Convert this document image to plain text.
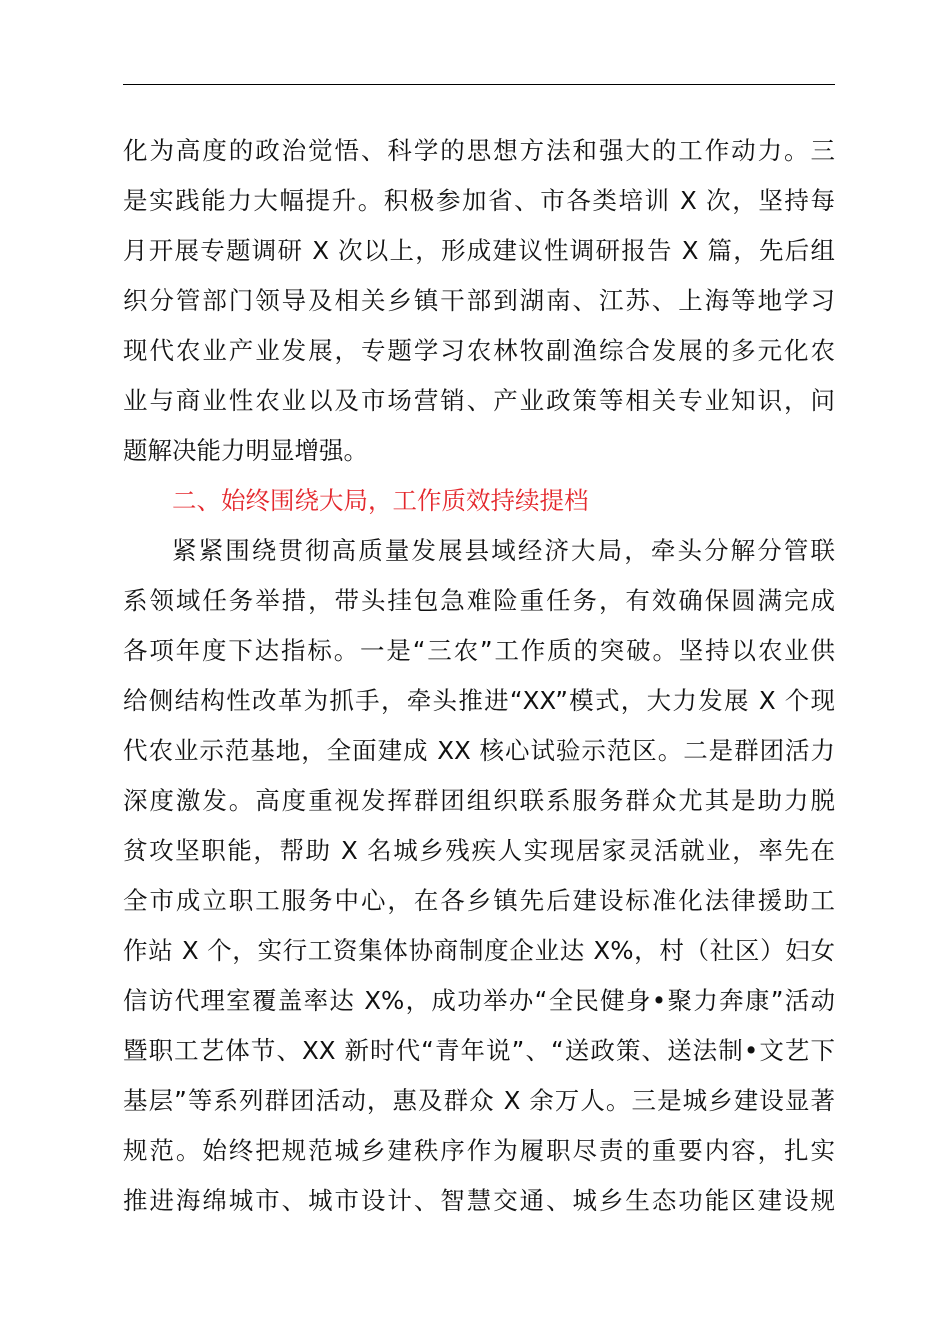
化为高度的政治觉悟、科学的思想方法和强大的工作动力。三
是实践能力大幅提升。积极参加省、市各类培训 X 次，坚持每
月开展专题调研 X 次以上，形成建议性调研报告 X 篇，先后组
织分管部门领导及相关乡镇干部到湖南、江苏、上海等地学习
现代农业产业发展，专题学习农林牧副渔综合发展的多元化农
业与商业性农业以及市场营销、产业政策等相关专业知识，问
题解决能力明显增强。
二、始终围绕大局，工作质效持续提档
紧紧围绕贯彻高质量发展县域经济大局，牵头分解分管联
系领域任务举措，带头挂包急难险重任务，有效确保圆满完成
各项年度下达指标。一是“三农”工作质的突破。坚持以农业供
给侧结构性改革为抓手，牵头推进“XX”模式，大力发展 X 个现
代农业示范基地，全面建成 XX 核心试验示范区。二是群团活力
深度激发。高度重视发挥群团组织联系服务群众尤其是助力脱
贫攻坚职能，帮助 X 名城乡残疾人实现居家灵活就业，率先在
全市成立职工服务中心，在各乡镇先后建设标准化法律援助工
作站 X 个，实行工资集体协商制度企业达 X%，村（社区）妇女
信访代理室覆盖率达 X%，成功举办“全民健身•聚力奔康”活动
暨职工艺体节、XX 新时代“青年说”、“送政策、送法制•文艺下
基层”等系列群团活动，惠及群众 X 余万人。三是城乡建设显著
规范。始终把规范城乡建秩序作为履职尽责的重要内容，扎实
推进海绵城市、城市设计、智慧交通、城乡生态功能区建设规
